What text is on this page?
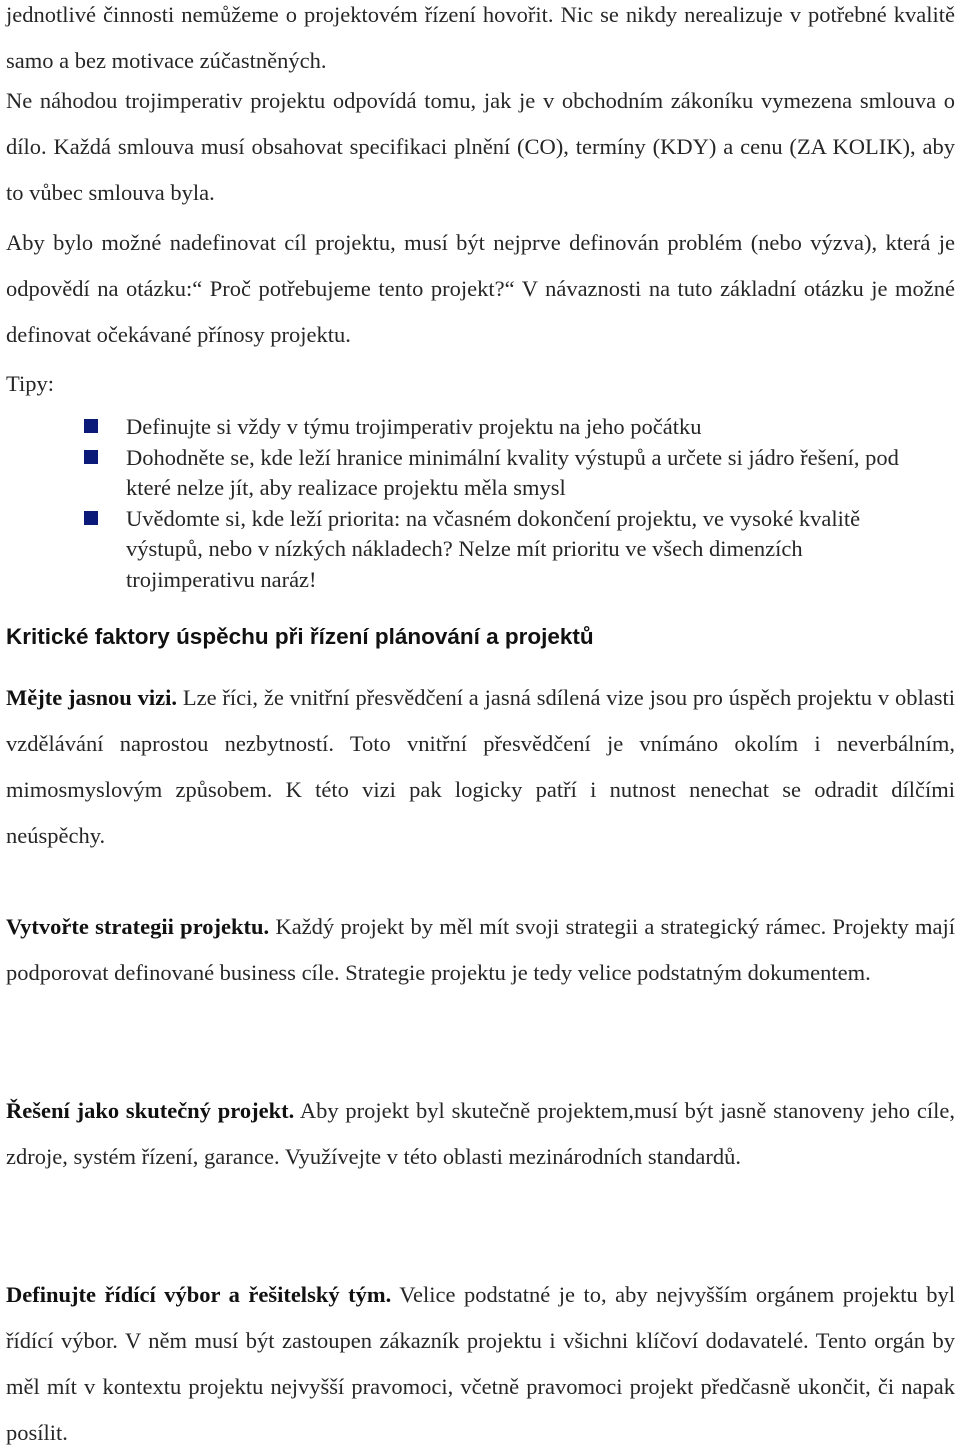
jednotlivé činnosti nemůžeme o projektovém řízení hovořit. Nic se nikdy nerealizuje v potřebné kvalitě samo a bez motivace zúčastněných.

Ne náhodou trojimperativ projektu odpovídá tomu, jak je v obchodním zákoníku vymezena smlouva o dílo. Každá smlouva musí obsahovat specifikaci plnění (CO), termíny (KDY) a cenu (ZA KOLIK), aby to vůbec smlouva byla.

Aby bylo možné nadefinovat cíl projektu, musí být nejprve definován problém (nebo výzva), která je odpovědí na otázku:“ Proč potřebujeme tento projekt?“ V návaznosti na tuto základní otázku je možné definovat očekávané přínosy projektu.

Tipy:

Definujte si vždy v týmu trojimperativ projektu na jeho počátku
Dohodněte se, kde leží hranice minimální kvality výstupů a určete si jádro řešení, pod které nelze jít, aby realizace projektu měla smysl
Uvědomte si, kde leží priorita: na včasném dokončení projektu, ve vysoké kvalitě výstupů, nebo v nízkých nákladech? Nelze mít prioritu ve všech dimenzích trojimperativu naráz!
Kritické faktory úspěchu při řízení plánování a projektů

Mějte jasnou vizi. Lze říci, že vnitřní přesvědčení a jasná sdílená vize jsou pro úspěch projektu v oblasti vzdělávání naprostou nezbytností. Toto vnitřní přesvědčení je vnímáno okolím i neverbálním, mimosmyslovým způsobem. K této vizi pak logicky patří i nutnost nenechat se odradit dílčími neúspěchy.

Vytvořte strategii projektu. Každý projekt by měl mít svoji strategii a strategický rámec. Projekty mají podporovat definované business cíle. Strategie projektu je tedy velice podstatným dokumentem.

Řešení jako skutečný projekt. Aby projekt byl skutečně projektem,musí být jasně stanoveny jeho cíle, zdroje, systém řízení, garance. Využívejte v této oblasti mezinárodních standardů.

Definujte řídící výbor a řešitelský tým. Velice podstatné je to, aby nejvyšším orgánem projektu byl řídící výbor. V něm musí být zastoupen zákazník projektu i všichni klíčoví dodavatelé. Tento orgán by měl mít v kontextu projektu nejvyšší pravomoci, včetně pravomoci projekt předčasně ukončit, či napak posílit.
